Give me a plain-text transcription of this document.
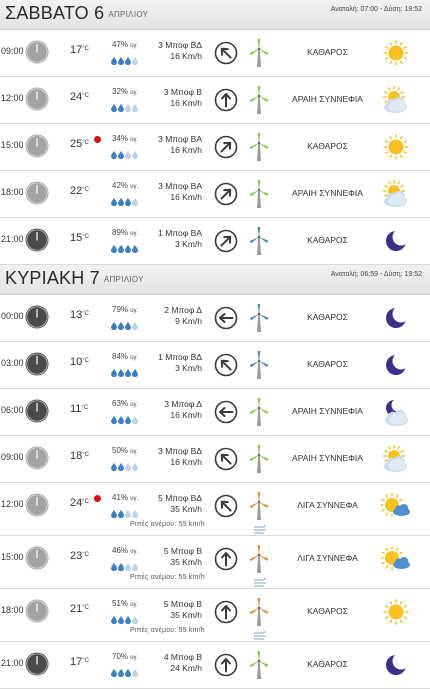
ΣΑΒΒΑΤΟ 6 ΑΠΡΙΛΙΟΥ
Ανατολή: 07:00 - Δύση: 19:52
09:00	$17^{^\circ C}$	47% υγ.	3 Μποφ ΒΔ
16 Km/h	ΚΑΘΑΡΟΣ
12:00	$24^{^\circ C}$	32% υγ.	3 Μποφ Β
16 Km/h	ΑΡΑΙΗ ΣΥΝΝΕΦΙΑ
15:00	$25^{^\circ C}$	34% υγ.	3 Μποφ ΒΑ
16 Km/h	ΚΑΘΑΡΟΣ
18:00	$22^{^\circ C}$	42% υγ.	3 Μποφ ΒΑ
16 Km/h	ΑΡΑΙΗ ΣΥΝΝΕΦΙΑ
21:00	$15^{^\circ C}$	89% υγ.	1 Μποφ ΒΑ
3 Km/h	ΚΑΘΑΡΟΣ
ΚΥΡΙΑΚΗ 7 ΑΠΡΙΛΙΟΥ
Ανατολή: 06:59 - Δύση: 19:52
00:00	$13^{^\circ C}$	79% υγ.	2 Μποφ Δ
9 Km/h	ΚΑΘΑΡΟΣ
03:00	$10^{^\circ C}$	84% υγ.	1 Μποφ ΒΔ
3 Km/h	ΚΑΘΑΡΟΣ
06:00	$11^{^\circ C}$	63% υγ.	3 Μποφ Δ
16 Km/h	ΑΡΑΙΗ ΣΥΝΝΕΦΙΑ
09:00	$18^{^\circ C}$	50% υγ.	3 Μποφ ΒΔ
16 Km/h	ΑΡΑΙΗ ΣΥΝΝΕΦΙΑ
12:00	$24^{^\circ C}$	41% υγ.	5 Μποφ ΒΔ
35 Km/h	ΛΙΓΑ ΣΥΝΝΕΦΑ
Ριπές ανέμου: 55 km/h
15:00	$23^{^\circ C}$	46% υγ.	5 Μποφ Β
35 Km/h	ΛΙΓΑ ΣΥΝΝΕΦΑ
Ριπές ανέμου: 55 km/h
18:00	$21^{^\circ C}$	51% υγ.	5 Μποφ Β
35 Km/h	ΚΑΘΑΡΟΣ
Ριπές ανέμου: 55 km/h
21:00	$17^{^\circ C}$	70% υγ.	4 Μποφ Β
24 Km/h	ΚΑΘΑΡΟΣ
